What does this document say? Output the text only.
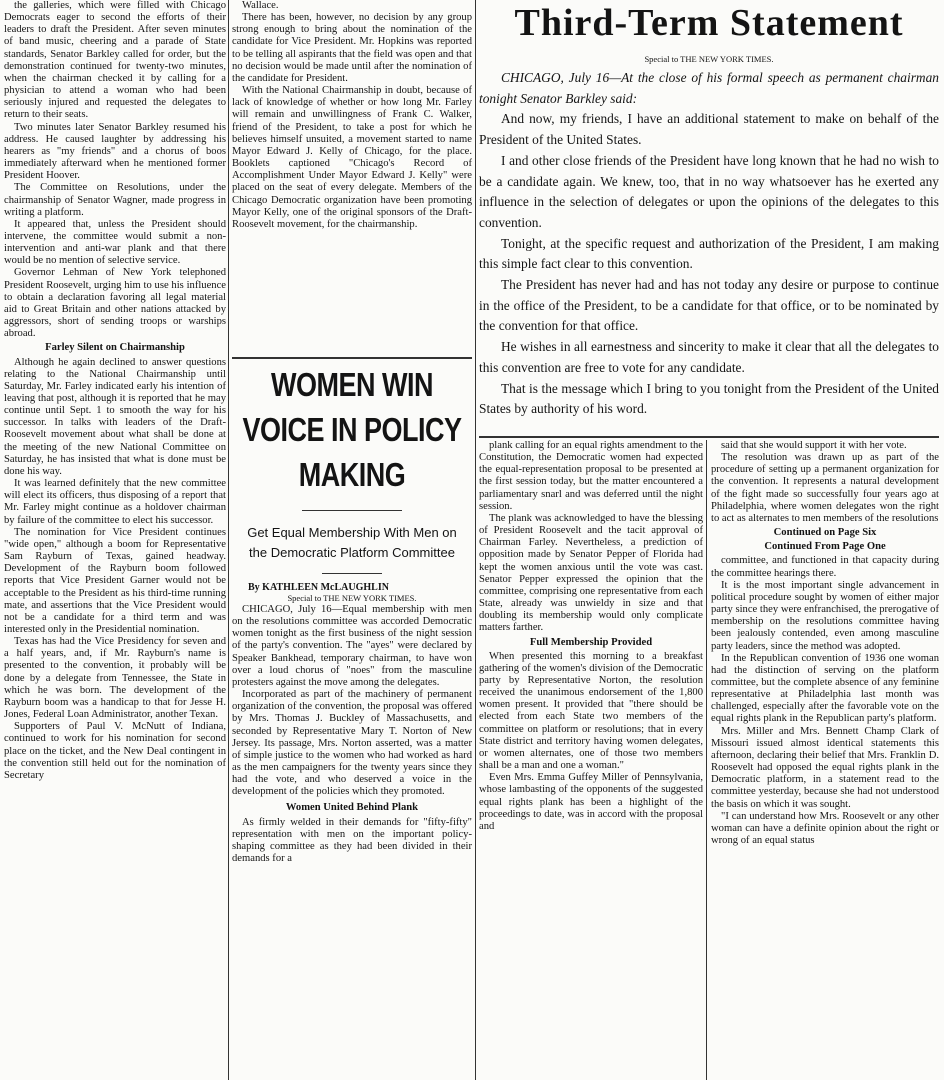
the galleries, which were filled with Chicago Democrats eager to second the efforts of their leaders to draft the President. After seven minutes of band music, cheering and a parade of State standards, Senator Barkley called for order, but the demonstration continued for twenty-two minutes, when the chairman checked it by calling for a physician to attend a woman who had been seriously injured and requested the delegates to return to their seats.

Two minutes later Senator Barkley resumed his address. He caused laughter by addressing his hearers as "my friends" and a chorus of boos immediately afterward when he mentioned former President Hoover.

The Committee on Resolutions, under the chairmanship of Senator Wagner, made progress in writing a platform.

It appeared that, unless the President should intervene, the committee would submit a non-intervention and anti-war plank and that there would be no mention of selective service.

Governor Lehman of New York telephoned President Roosevelt, urging him to use his influence to obtain a declaration favoring all legal material aid to Great Britain and other nations attacked by aggressors, short of sending troops or warships abroad.

Farley Silent on Chairmanship

Although he again declined to answer questions relating to the National Chairmanship until Saturday, Mr. Farley indicated early his intention of leaving that post, although it is reported that he may continue until Sept. 1 to smooth the way for his successor. In talks with leaders of the Draft-Roosevelt movement about what shall be done at the meeting of the new National Committee on Saturday, he has insisted that what is done must be done his way.

It was learned definitely that the new committee will elect its officers, thus disposing of a report that Mr. Farley might continue as a holdover chairman by failure of the committee to elect his successor.

The nomination for Vice President continues "wide open," although a boom for Representative Sam Rayburn of Texas, gained headway. Development of the Rayburn boom followed reports that Vice President Garner would not be acceptable to the President as his third-time running mate, and assertions that the Vice President would not be a candidate for a third term and was interested only in the Presidential nomination.

Texas has had the Vice Presidency for seven and a half years, and, if Mr. Rayburn's name is presented to the convention, it probably will be done by a delegate from Tennessee, the State in which he was born. The development of the Rayburn boom was a handicap to that for Jesse H. Jones, Federal Loan Administrator, another Texan.

Supporters of Paul V. McNutt of Indiana, continued to work for his nomination for second place on the ticket, and the New Deal contingent in the convention still held out for the nomination of Secretary

Wallace.

There has been, however, no decision by any group strong enough to bring about the nomination of the candidate for Vice President. Mr. Hopkins was reported to be telling all aspirants that the field was open and that no decision would be made until after the nomination of the candidate for President.

With the National Chairmanship in doubt, because of lack of knowledge of whether or how long Mr. Farley will remain and unwillingness of Frank C. Walker, friend of the President, to take a post for which he believes himself unsuited, a movement started to name Mayor Edward J. Kelly of Chicago, for the place. Booklets captioned "Chicago's Record of Accomplishment Under Mayor Edward J. Kelly" were placed on the seat of every delegate. Members of the Chicago Democratic organization have been promoting Mayor Kelly, one of the original sponsors of the Draft-Roosevelt movement, for the chairmanship.

WOMEN WIN VOICE IN POLICY MAKING
Get Equal Membership With Men on the Democratic Platform Committee
By KATHLEEN McLAUGHLIN
Special to THE NEW YORK TIMES.

CHICAGO, July 16—Equal membership with men on the resolutions committee was accorded Democratic women tonight as the first business of the night session of the party's convention. The "ayes" were declared by Speaker Bankhead, temporary chairman, to have won over a loud chorus of "noes" from the masculine protesters against the move among the delegates.

Incorporated as part of the machinery of permanent organization of the convention, the proposal was offered by Mrs. Thomas J. Buckley of Massachusetts, and seconded by Representative Mary T. Norton of New Jersey. Its passage, Mrs. Norton asserted, was a matter of simple justice to the women who had worked as hard as the men campaigners for the twenty years since they had the vote, and who deserved a voice in the development of the policies which they promoted.

Women United Behind Plank

As firmly welded in their demands for "fifty-fifty" representation with men on the important policy-shaping committee as they had been divided in their demands for a

Third-Term Statement
Special to THE NEW YORK TIMES.

CHICAGO, July 16—At the close of his formal speech as permanent chairman tonight Senator Barkley said:

And now, my friends, I have an additional statement to make on behalf of the President of the United States.

I and other close friends of the President have long known that he had no wish to be a candidate again. We knew, too, that in no way whatsoever has he exerted any influence in the selection of delegates or upon the opinions of the delegates to this convention.

Tonight, at the specific request and authorization of the President, I am making this simple fact clear to this convention.

The President has never had and has not today any desire or purpose to continue in the office of the President, to be a candidate for that office, or to be nominated by the convention for that office.

He wishes in all earnestness and sincerity to make it clear that all the delegates to this convention are free to vote for any candidate.

That is the message which I bring to you tonight from the President of the United States by authority of his word.

plank calling for an equal rights amendment to the Constitution, the Democratic women had expected the equal-representation proposal to be presented at the first session today, but the matter encountered a parliamentary snarl and was deferred until the night session.

The plank was acknowledged to have the blessing of President Roosevelt and the tacit approval of Chairman Farley. Nevertheless, a prediction of opposition made by Senator Pepper of Florida had kept the women anxious until the vote was cast. Senator Pepper expressed the opinion that the committee, comprising one representative from each State, already was unwieldy in size and that doubling its membership would only complicate matters farther.

Full Membership Provided

When presented this morning to a breakfast gathering of the women's division of the Democratic party by Representative Norton, the resolution received the unanimous endorsement of the 1,800 women present. It provided that "there should be elected from each State two members of the committee on platform or resolutions; that in every State district and territory having women delegates, or women alternates, one of those two members shall be a man and one a woman."

Even Mrs. Emma Guffey Miller of Pennsylvania, whose lambasting of the opponents of the suggested equal rights plank has been a highlight of the proceedings to date, was in accord with the proposal and

said that she would support it with her vote.

The resolution was drawn up as part of the procedure of setting up a permanent organization for the convention. It represents a natural development of the fight made so successfully four years ago at Philadelphia, where women delegates won the right to act as alternates to men members of the resolutions

Continued on Page Six

Continued From Page One

committee, and functioned in that capacity during the committee hearings there.

It is the most important single advancement in political procedure sought by women of either major party since they were enfranchised, the prerogative of membership on the resolutions committee having been jealously contended, even among masculine party leaders, since the method was adopted.

In the Republican convention of 1936 one woman had the distinction of serving on the platform committee, but the complete absence of any feminine representative at Philadelphia last month was challenged, especially after the favorable vote on the equal rights plank in the Republican party's platform.

Mrs. Miller and Mrs. Bennett Champ Clark of Missouri issued almost identical statements this afternoon, declaring their belief that Mrs. Franklin D. Roosevelt had opposed the equal rights plank in the Democratic platform, in a statement read to the committee yesterday, because she had not understood the basis on which it was sought.

"I can understand how Mrs. Roosevelt or any other woman can have a definite opinion about the right or wrong of an equal status
